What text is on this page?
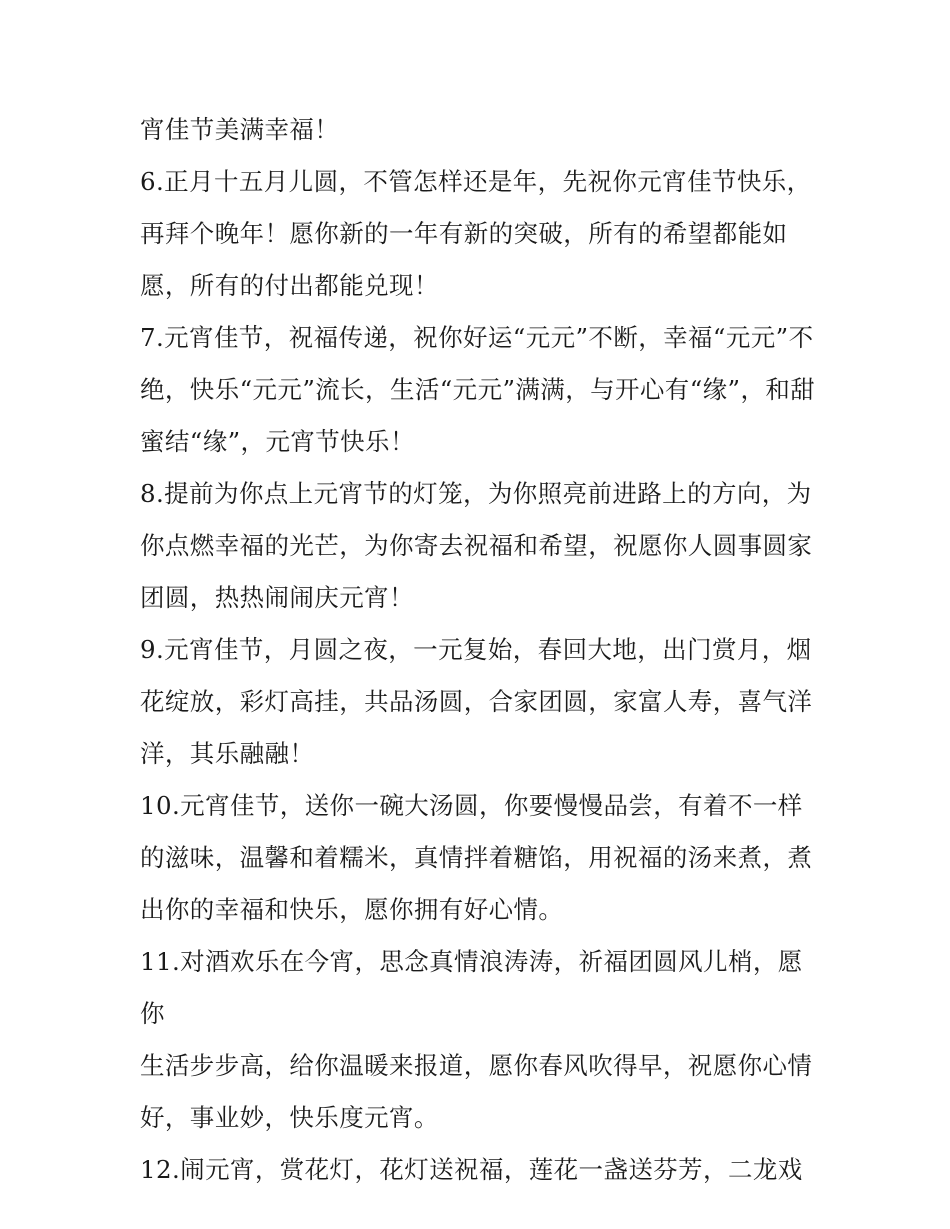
宵佳节美满幸福！
6.正月十五月儿圆，不管怎样还是年，先祝你元宵佳节快乐，
再拜个晚年！愿你新的一年有新的突破，所有的希望都能如
愿，所有的付出都能兑现！
7.元宵佳节，祝福传递，祝你好运“元元”不断，幸福“元元”不
绝，快乐“元元”流长，生活“元元”满满，与开心有“缘”，和甜
蜜结“缘”，元宵节快乐！
8.提前为你点上元宵节的灯笼，为你照亮前进路上的方向，为
你点燃幸福的光芒，为你寄去祝福和希望，祝愿你人圆事圆家
团圆，热热闹闹庆元宵！
9.元宵佳节，月圆之夜，一元复始，春回大地，出门赏月，烟
花绽放，彩灯高挂，共品汤圆，合家团圆，家富人寿，喜气洋
洋，其乐融融！
10.元宵佳节，送你一碗大汤圆，你要慢慢品尝，有着不一样
的滋味，温馨和着糯米，真情拌着糖馅，用祝福的汤来煮，煮
出你的幸福和快乐，愿你拥有好心情。
11.对酒欢乐在今宵，思念真情浪涛涛，祈福团圆风儿梢，愿你
生活步步高，给你温暖来报道，愿你春风吹得早，祝愿你心情
好，事业妙，快乐度元宵。
12.闹元宵，赏花灯，花灯送祝福，莲花一盏送芬芳，二龙戏
